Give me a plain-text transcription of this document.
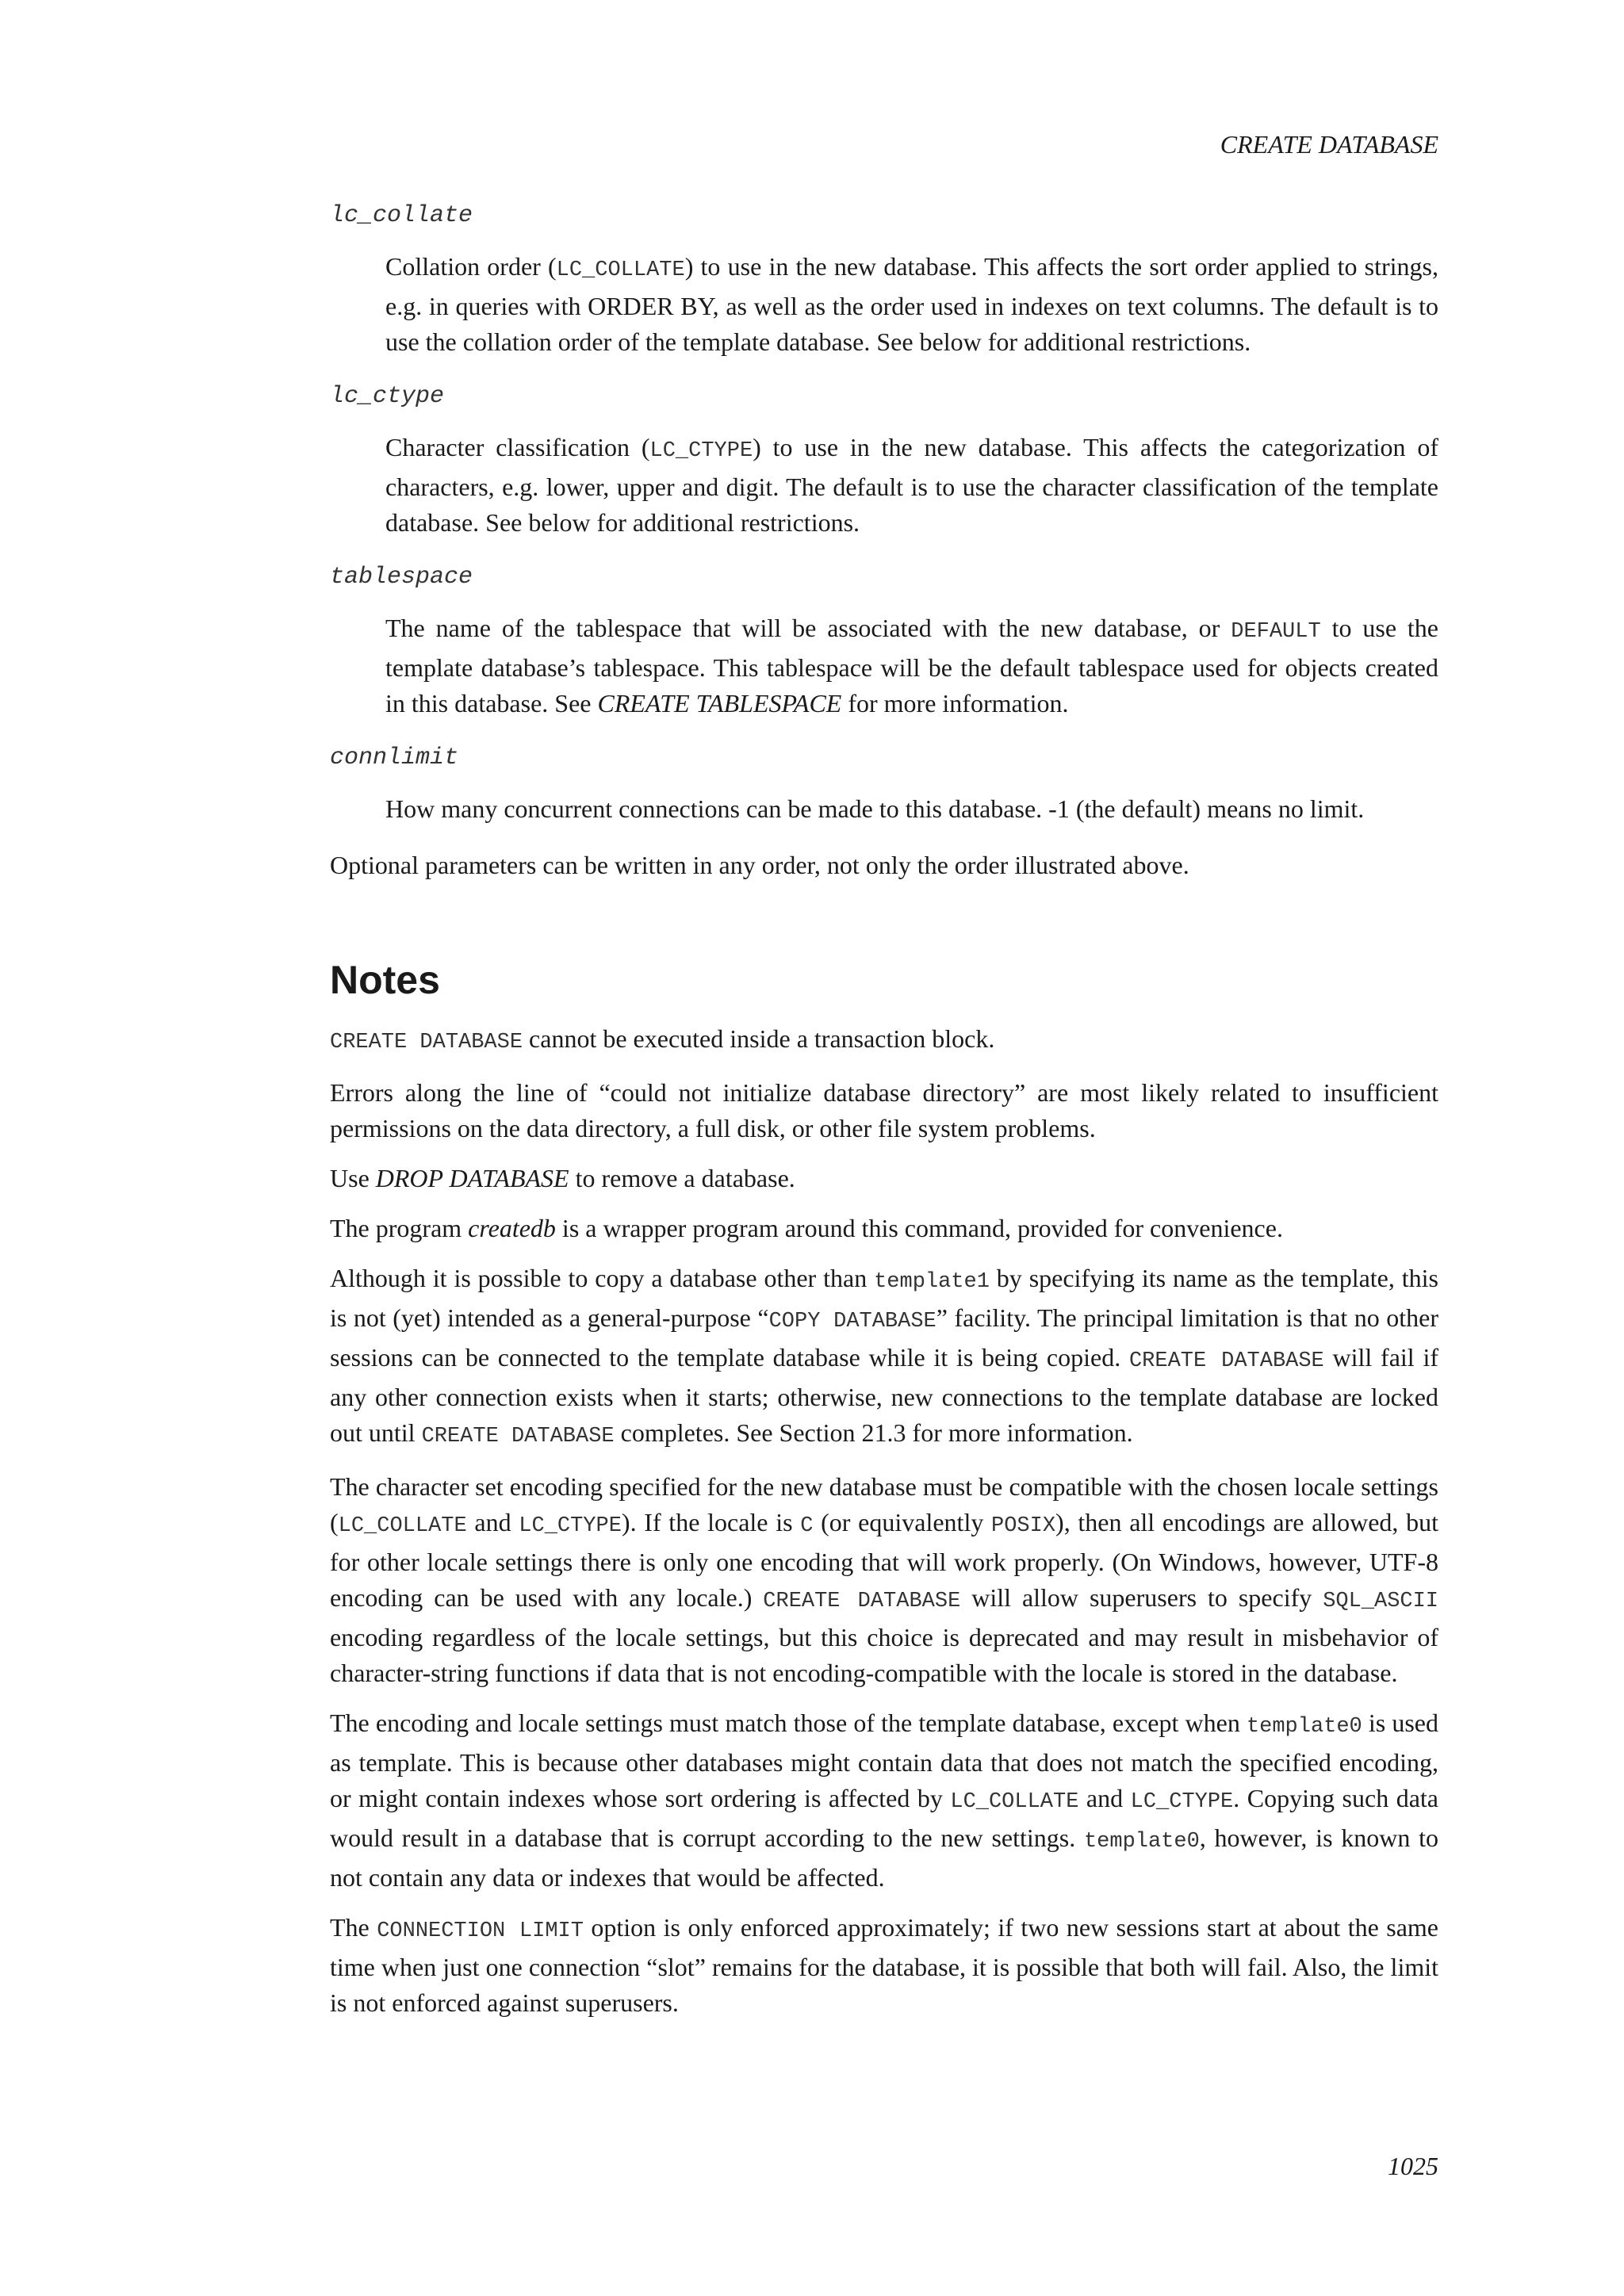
CREATE DATABASE
lc_collate
Collation order (LC_COLLATE) to use in the new database. This affects the sort order applied to strings, e.g. in queries with ORDER BY, as well as the order used in indexes on text columns. The default is to use the collation order of the template database. See below for additional restrictions.
lc_ctype
Character classification (LC_CTYPE) to use in the new database. This affects the categorization of characters, e.g. lower, upper and digit. The default is to use the character classification of the template database. See below for additional restrictions.
tablespace
The name of the tablespace that will be associated with the new database, or DEFAULT to use the template database’s tablespace. This tablespace will be the default tablespace used for objects created in this database. See CREATE TABLESPACE for more information.
connlimit
How many concurrent connections can be made to this database. -1 (the default) means no limit.

Optional parameters can be written in any order, not only the order illustrated above.

Notes

CREATE DATABASE cannot be executed inside a transaction block.

Errors along the line of “could not initialize database directory” are most likely related to insufficient permissions on the data directory, a full disk, or other file system problems.

Use DROP DATABASE to remove a database.

The program createdb is a wrapper program around this command, provided for convenience.

Although it is possible to copy a database other than template1 by specifying its name as the template, this is not (yet) intended as a general-purpose “COPY DATABASE” facility. The principal limitation is that no other sessions can be connected to the template database while it is being copied. CREATE DATABASE will fail if any other connection exists when it starts; otherwise, new connections to the template database are locked out until CREATE DATABASE completes. See Section 21.3 for more information.

The character set encoding specified for the new database must be compatible with the chosen locale settings (LC_COLLATE and LC_CTYPE). If the locale is C (or equivalently POSIX), then all encodings are allowed, but for other locale settings there is only one encoding that will work properly. (On Windows, however, UTF-8 encoding can be used with any locale.) CREATE DATABASE will allow superusers to specify SQL_ASCII encoding regardless of the locale settings, but this choice is deprecated and may result in misbehavior of character-string functions if data that is not encoding-compatible with the locale is stored in the database.

The encoding and locale settings must match those of the template database, except when template0 is used as template. This is because other databases might contain data that does not match the specified encoding, or might contain indexes whose sort ordering is affected by LC_COLLATE and LC_CTYPE. Copying such data would result in a database that is corrupt according to the new settings. template0, however, is known to not contain any data or indexes that would be affected.

The CONNECTION LIMIT option is only enforced approximately; if two new sessions start at about the same time when just one connection “slot” remains for the database, it is possible that both will fail. Also, the limit is not enforced against superusers.

1025
